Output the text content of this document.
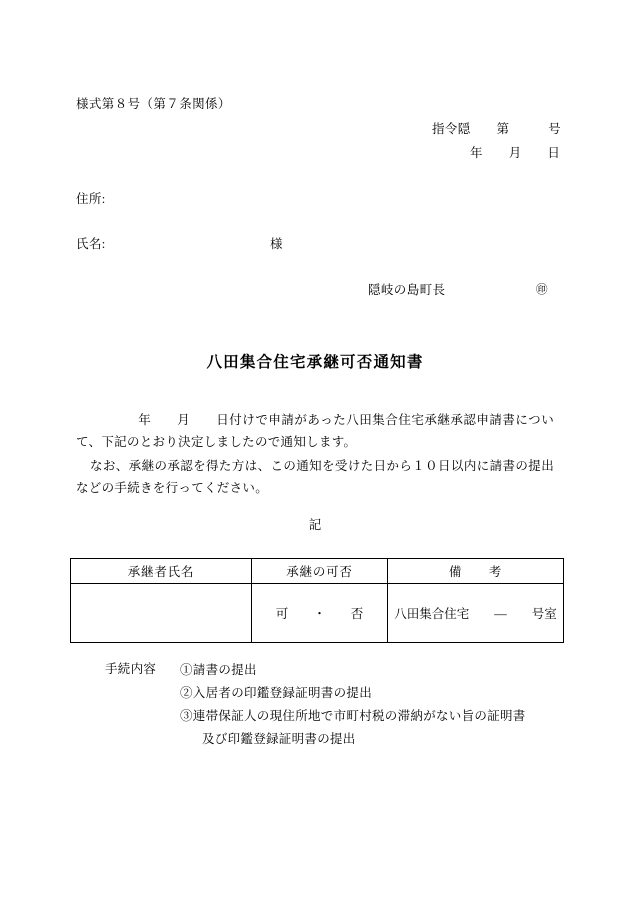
様式第８号（第７条関係）
指令隠　　第　　　号
年　　月　　日
住所:
氏名:	様
隠岐の島町長	㊞
八田集合住宅承継可否通知書
年　　月　　日付けで申請があった八田集合住宅承継承認申請書について、下記のとおり決定しましたので通知します。
なお、承継の承認を得た方は、この通知を受けた日から１０日以内に請書の提出などの手続きを行ってください。
記
承継者氏名	承継の可否	備　　考
	可　　・　　否	八田集合住宅　　―　　号室
手続内容 ①請書の提出
②入居者の印鑑登録証明書の提出
③連帯保証人の現住所地で市町村税の滞納がない旨の証明書
及び印鑑登録証明書の提出
